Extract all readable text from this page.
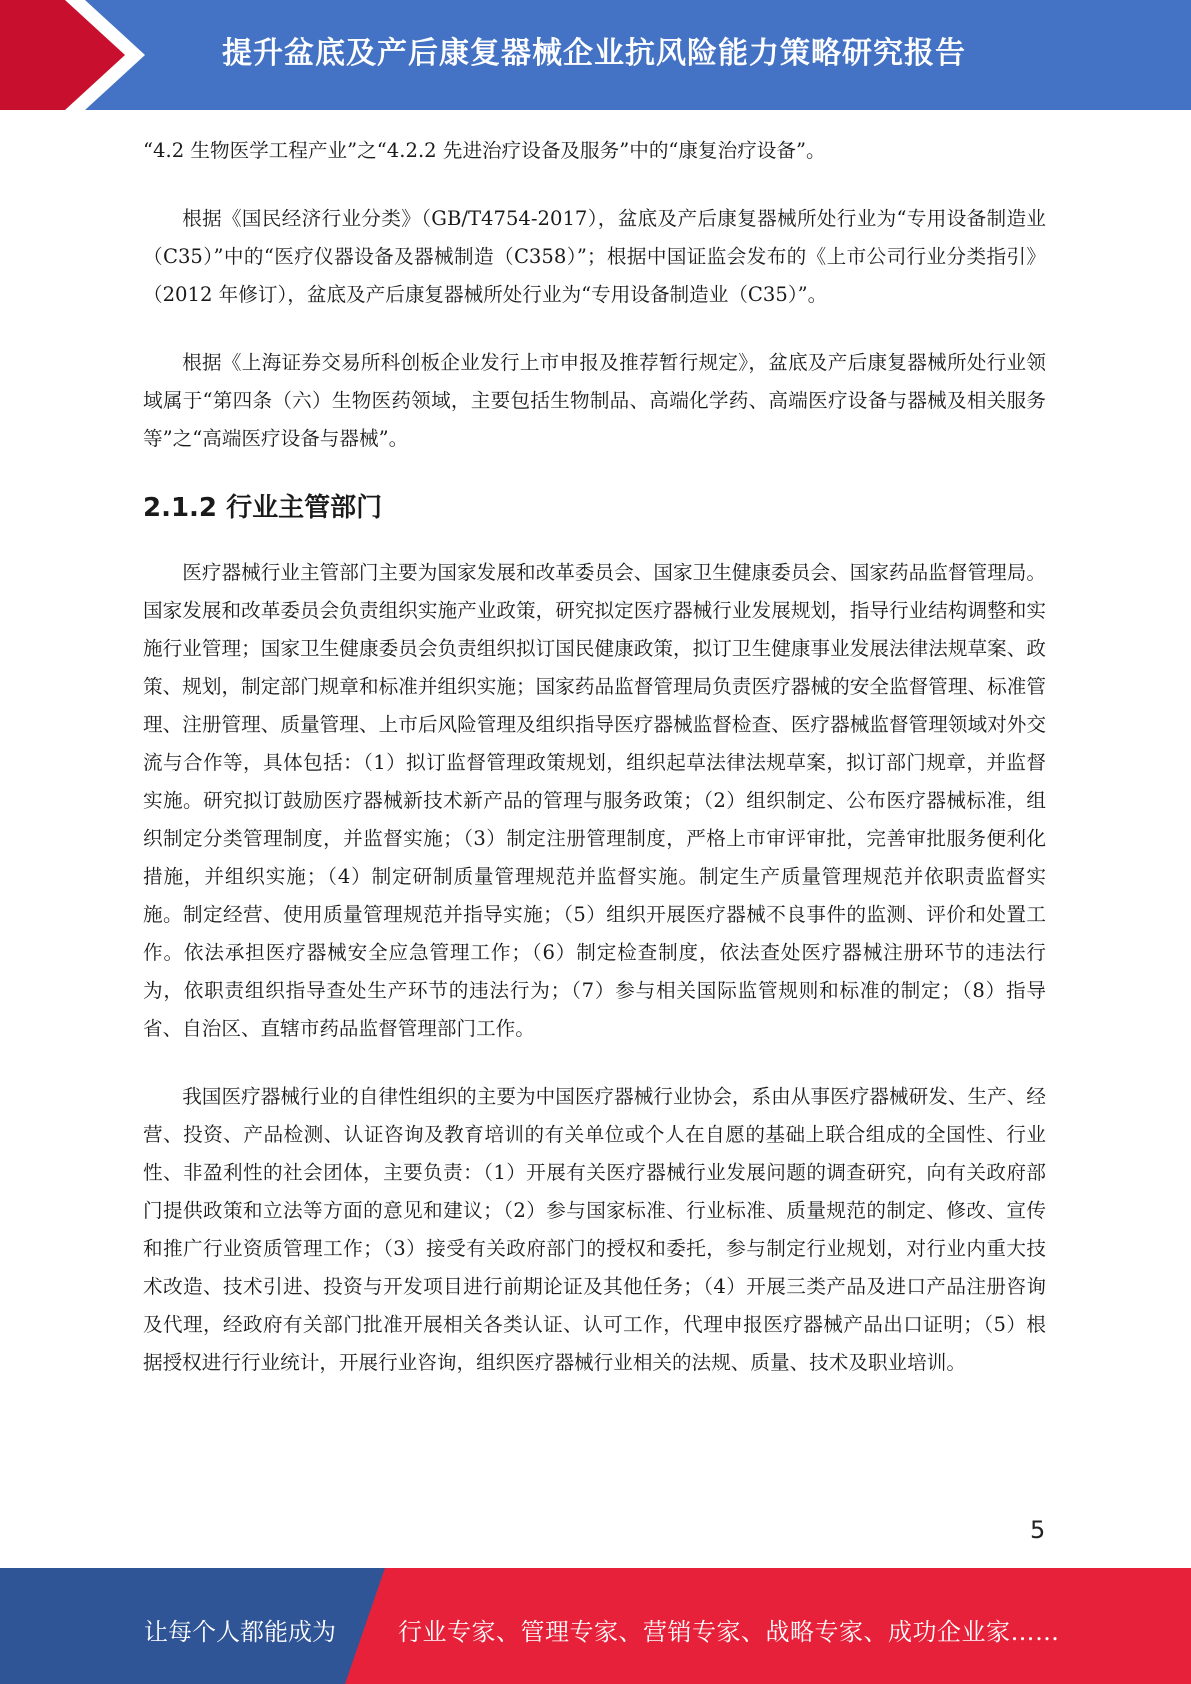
提升盆底及产后康复器械企业抗风险能力策略研究报告

“4.2 生物医学工程产业”之“4.2.2 先进治疗设备及服务”中的“康复治疗设备”。

根据《国民经济行业分类》（GB/T4754-2017），盆底及产后康复器械所处行业为“专用设备制造业（C35）”中的“医疗仪器设备及器械制造（C358）”；根据中国证监会发布的《上市公司行业分类指引》（2012 年修订），盆底及产后康复器械所处行业为“专用设备制造业（C35）”。

根据《上海证券交易所科创板企业发行上市申报及推荐暂行规定》，盆底及产后康复器械所处行业领域属于“第四条（六）生物医药领域，主要包括生物制品、高端化学药、高端医疗设备与器械及相关服务等”之“高端医疗设备与器械”。

2.1.2 行业主管部门

医疗器械行业主管部门主要为国家发展和改革委员会、国家卫生健康委员会、国家药品监督管理局。国家发展和改革委员会负责组织实施产业政策，研究拟定医疗器械行业发展规划，指导行业结构调整和实施行业管理；国家卫生健康委员会负责组织拟订国民健康政策，拟订卫生健康事业发展法律法规草案、政策、规划，制定部门规章和标准并组织实施；国家药品监督管理局负责医疗器械的安全监督管理、标准管理、注册管理、质量管理、上市后风险管理及组织指导医疗器械监督检查、医疗器械监督管理领域对外交流与合作等，具体包括：（1）拟订监督管理政策规划，组织起草法律法规草案，拟订部门规章，并监督实施。研究拟订鼓励医疗器械新技术新产品的管理与服务政策；（2）组织制定、公布医疗器械标准，组织制定分类管理制度，并监督实施；（3）制定注册管理制度，严格上市审评审批，完善审批服务便利化措施，并组织实施；（4）制定研制质量管理规范并监督实施。制定生产质量管理规范并依职责监督实施。制定经营、使用质量管理规范并指导实施；（5）组织开展医疗器械不良事件的监测、评价和处置工作。依法承担医疗器械安全应急管理工作；（6）制定检查制度，依法查处医疗器械注册环节的违法行为，依职责组织指导查处生产环节的违法行为；（7）参与相关国际监管规则和标准的制定；（8）指导省、自治区、直辖市药品监督管理部门工作。

我国医疗器械行业的自律性组织的主要为中国医疗器械行业协会，系由从事医疗器械研发、生产、经营、投资、产品检测、认证咨询及教育培训的有关单位或个人在自愿的基础上联合组成的全国性、行业性、非盈利性的社会团体，主要负责：（1）开展有关医疗器械行业发展问题的调查研究，向有关政府部门提供政策和立法等方面的意见和建议；（2）参与国家标准、行业标准、质量规范的制定、修改、宣传和推广行业资质管理工作；（3）接受有关政府部门的授权和委托，参与制定行业规划，对行业内重大技术改造、技术引进、投资与开发项目进行前期论证及其他任务；（4）开展三类产品及进口产品注册咨询及代理，经政府有关部门批准开展相关各类认证、认可工作，代理申报医疗器械产品出口证明；（5）根据授权进行行业统计，开展行业咨询，组织医疗器械行业相关的法规、质量、技术及职业培训。

5
让每个人都能成为	行业专家、管理专家、营销专家、战略专家、成功企业家……
